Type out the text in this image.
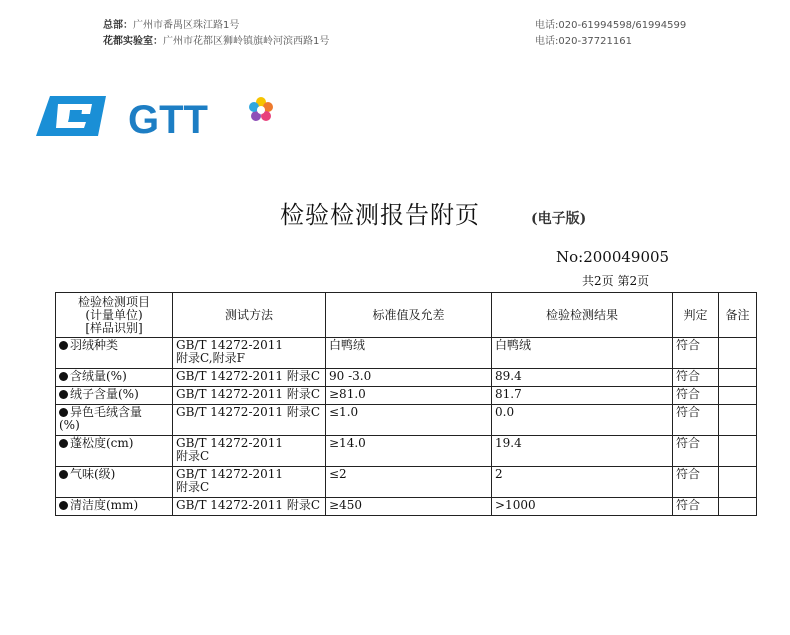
总部：广州市番禺区珠江路1号
花都实验室：广州市花都区狮岭镇旗岭河滨西路1号
电话:020-61994598/61994599
电话:020-37721161
GTT
检验检测报告附页	(电子版)
No:200049005
共2页 第2页
检验检测项目
(计量单位)
[样品识别]	测试方法	标准值及允差	检验检测结果	判定	备注
羽绒种类	GB/T 14272-2011
附录C,附录F	白鸭绒	白鸭绒	符合	
含绒量(%)	GB/T 14272-2011 附录C	90 -3.0	89.4	符合	
绒子含量(%)	GB/T 14272-2011 附录C	≥81.0	81.7	符合	
异色毛绒含量
(%)	GB/T 14272-2011 附录C	≤1.0	0.0	符合	
蓬松度(cm)	GB/T 14272-2011
附录C	≥14.0	19.4	符合	
气味(级)	GB/T 14272-2011
附录C	≤2	2	符合	
清洁度(mm)	GB/T 14272-2011 附录C	≥450	>1000	符合	
